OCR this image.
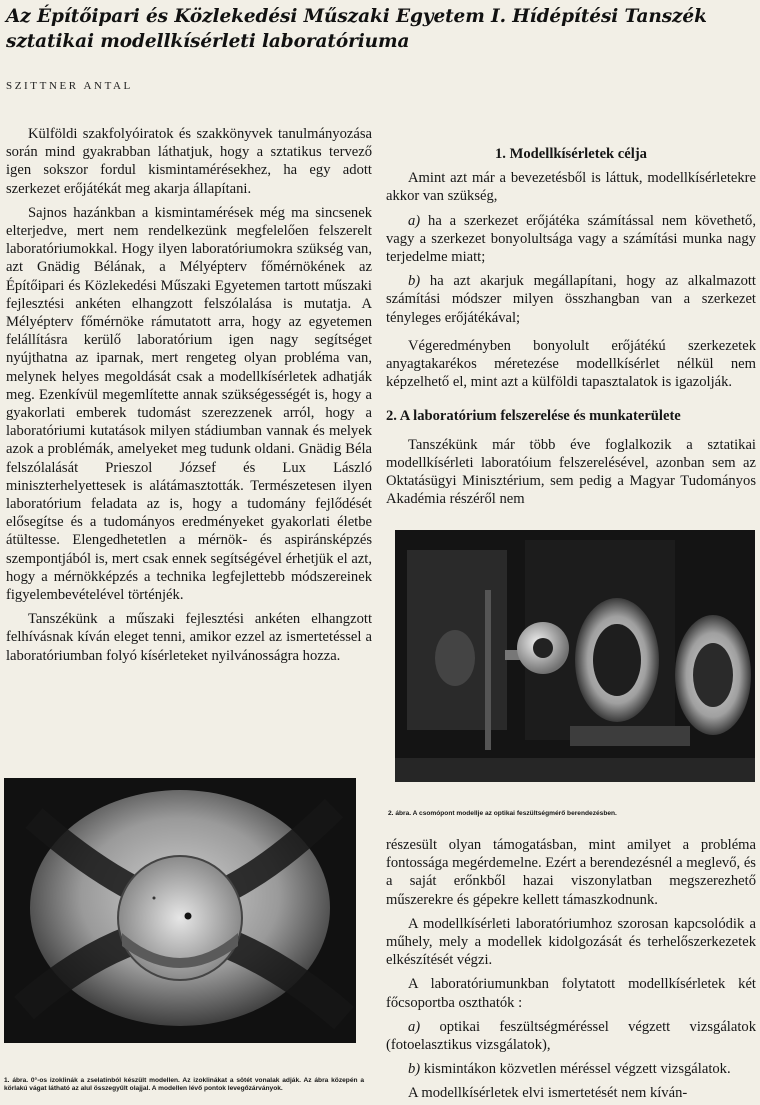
Az Építőipari és Közlekedési Műszaki Egyetem I. Hídépítési Tanszék
sztatikai modellkísérleti laboratóriuma

SZITTNER ANTAL

Külföldi szakfolyóiratok és szakkönyvek tanulmányozása során mind gyakrabban láthatjuk, hogy a sztatikus tervező igen sokszor fordul kismintamérésekhez, ha egy adott szerkezet erőjátékát meg akarja állapítani.

Sajnos hazánkban a kismintamérések még ma sincsenek elterjedve, mert nem rendelkezünk megfelelően felszerelt laboratóriumokkal. Hogy ilyen laboratóriumokra szükség van, azt Gnädig Bélának, a Mélyépterv főmérnökének az Építőipari és Közlekedési Műszaki Egyetemen tartott műszaki fejlesztési ankéten elhangzott felszólalása is mutatja. A Mélyépterv főmérnöke rámutatott arra, hogy az egyetemen felállításra kerülő laboratórium igen nagy segítséget nyújthatna az iparnak, mert rengeteg olyan probléma van, melynek helyes megoldását csak a modellkísérletek adhatják meg. Ezenkívül megemlítette annak szükségességét is, hogy a gyakorlati emberek tudomást szerezzenek arról, hogy a laboratóriumi kutatások milyen stádiumban vannak és melyek azok a problémák, amelyeket meg tudunk oldani. Gnädig Béla felszólalását Prieszol József és Lux László miniszterhelyettesek is alátámasztották. Természetesen ilyen laboratórium feladata az is, hogy a tudomány fejlődését elősegítse és a tudományos eredményeket gyakorlati életbe átültesse. Elengedhetetlen a mérnök- és aspiránsképzés szempontjából is, mert csak ennek segítségével érhetjük el azt, hogy a mérnökképzés a technika legfejlettebb módszereinek figyelembevételével történjék.

Tanszékünk a műszaki fejlesztési ankéten elhangzott felhívásnak kíván eleget tenni, amikor ezzel az ismertetéssel a laboratóriumban folyó kísérleteket nyilvánosságra hozza.

1. Modellkísérletek célja

Amint azt már a bevezetésből is láttuk, modellkísérletekre akkor van szükség,

a) ha a szerkezet erőjátéka számítással nem követhető, vagy a szerkezet bonyolultsága vagy a számítási munka nagy terjedelme miatt;

b) ha azt akarjuk megállapítani, hogy az alkalmazott számítási módszer milyen összhangban van a szerkezet tényleges erőjátékával;

Végeredményben bonyolult erőjátékú szerkezetek anyagtakarékos méretezése modellkísérlet nélkül nem képzelhető el, mint azt a külföldi tapasztalatok is igazolják.

2. A laboratórium felszerelése és munkaterülete

Tanszékünk már több éve foglalkozik a sztatikai modellkísérleti laboratóium felszerelésével, azonban sem az Oktatásügyi Minisztérium, sem pedig a Magyar Tudományos Akadémia részéről nem

2. ábra. A csomópont modellje az optikai feszültségmérő berendezésben.

részesült olyan támogatásban, mint amilyet a probléma fontossága megérdemelne. Ezért a berendezésnél a meglevő, és a saját erőnkből hazai viszonylatban megszerezhető műszerekre és gépekre kellett támaszkodnunk.

A modellkísérleti laboratóriumhoz szorosan kapcsolódik a műhely, mely a modellek kidolgozását és terhelőszerkezetek elkészítését végzi.

A laboratóriumunkban folytatott modellkísérletek két főcsoportba oszthatók :

a) optikai feszültségméréssel végzett vizsgálatok (fotoelasztikus vizsgálatok),

b) kismintákon közvetlen méréssel végzett vizsgálatok.

A modellkísérletek elvi ismertetését nem kíván-

1. ábra. 0°-os izoklinák a zselatinból készült modellen. Az izoklinákat a sötét vonalak adják. Az ábra közepén a körlakú vágat látható az alul összegyűlt olajjal. A modellen lévő pontok levegőzárványok.
